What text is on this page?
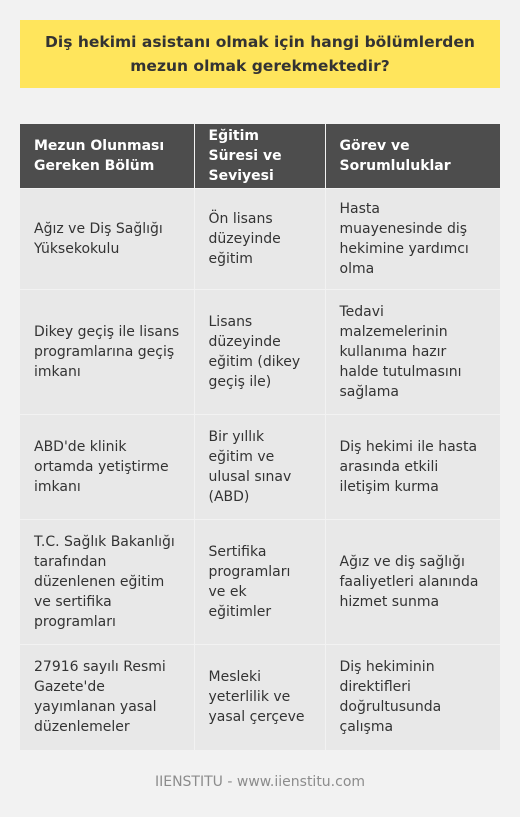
Diş hekimi asistanı olmak için hangi bölümlerden mezun olmak gerekmektedir?
Mezun Olunması Gereken Bölüm	Eğitim Süresi ve Seviyesi	Görev ve Sorumluluklar
Ağız ve Diş Sağlığı Yüksekokulu	Ön lisans düzeyinde eğitim	Hasta muayenesinde diş hekimine yardımcı olma
Dikey geçiş ile lisans programlarına geçiş imkanı	Lisans düzeyinde eğitim (dikey geçiş ile)	Tedavi malzemelerinin kullanıma hazır halde tutulmasını sağlama
ABD'de klinik ortamda yetiştirme imkanı	Bir yıllık eğitim ve ulusal sınav (ABD)	Diş hekimi ile hasta arasında etkili iletişim kurma
T.C. Sağlık Bakanlığı tarafından düzenlenen eğitim ve sertifika programları	Sertifika programları ve ek eğitimler	Ağız ve diş sağlığı faaliyetleri alanında hizmet sunma
27916 sayılı Resmi Gazete'de yayımlanan yasal düzenlemeler	Mesleki yeterlilik ve yasal çerçeve	Diş hekiminin direktifleri doğrultusunda çalışma
IIENSTITU - www.iienstitu.com
